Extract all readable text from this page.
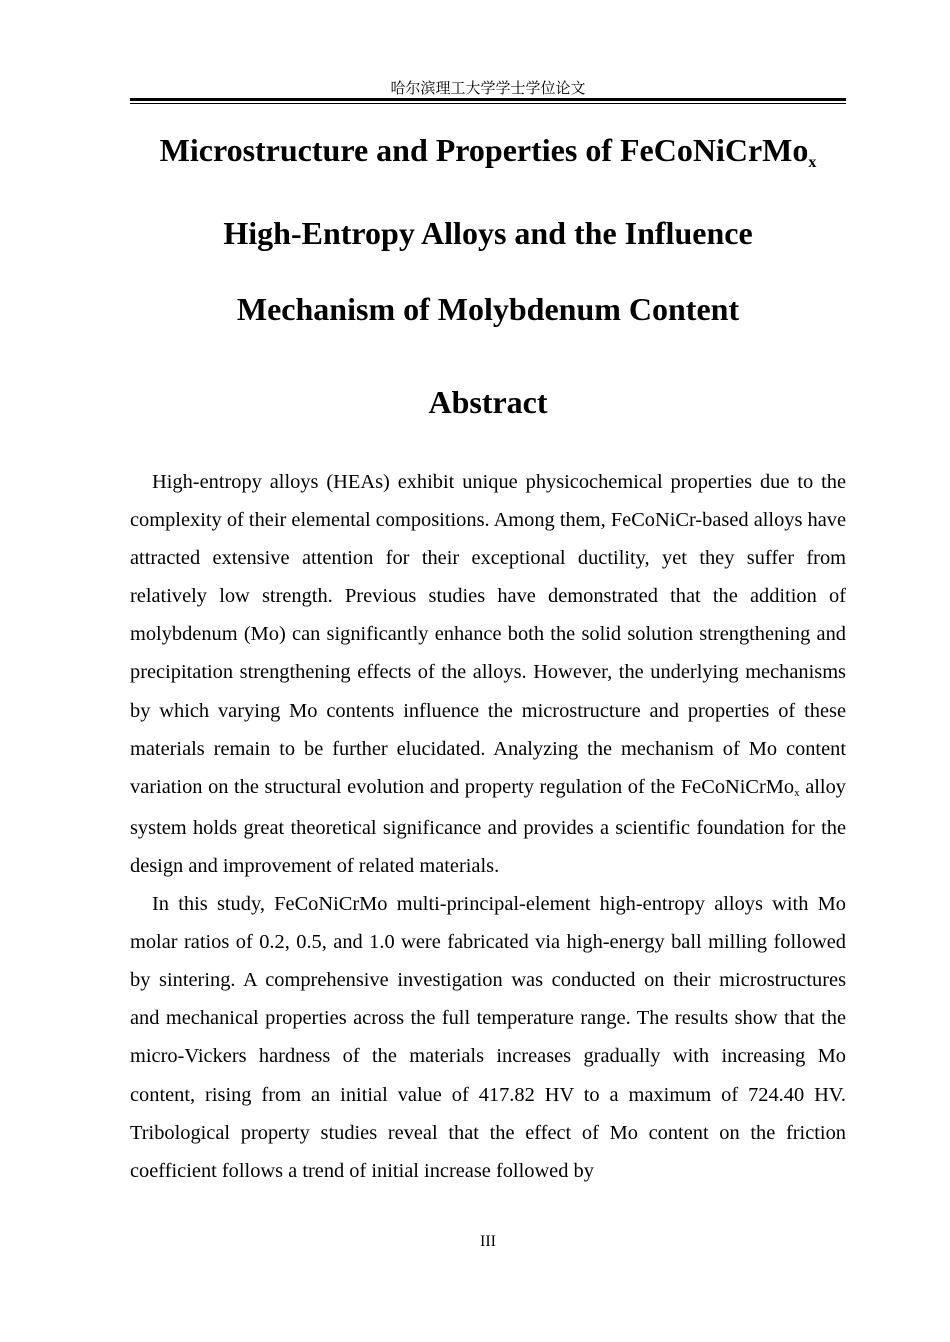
哈尔滨理工大学学士学位论文
Microstructure and Properties of FeCoNiCrMo$_x$
High-Entropy Alloys and the Influence
Mechanism of Molybdenum Content
Abstract

High-entropy alloys (HEAs) exhibit unique physicochemical properties due to the complexity of their elemental compositions. Among them, FeCoNiCr-based alloys have attracted extensive attention for their exceptional ductility, yet they suffer from relatively low strength. Previous studies have demonstrated that the addition of molybdenum (Mo) can significantly enhance both the solid solution strengthening and precipitation strengthening effects of the alloys. However, the underlying mechanisms by which varying Mo contents influence the microstructure and properties of these materials remain to be further elucidated. Analyzing the mechanism of Mo content variation on the structural evolution and property regulation of the FeCoNiCrMo$_x$ alloy system holds great theoretical significance and provides a scientific foundation for the design and improvement of related materials.

In this study, FeCoNiCrMo multi-principal-element high-entropy alloys with Mo molar ratios of 0.2, 0.5, and 1.0 were fabricated via high-energy ball milling followed by sintering. A comprehensive investigation was conducted on their microstructures and mechanical properties across the full temperature range. The results show that the micro-Vickers hardness of the materials increases gradually with increasing Mo content, rising from an initial value of 417.82 HV to a maximum of 724.40 HV. Tribological property studies reveal that the effect of Mo content on the friction coefficient follows a trend of initial increase followed by

III
